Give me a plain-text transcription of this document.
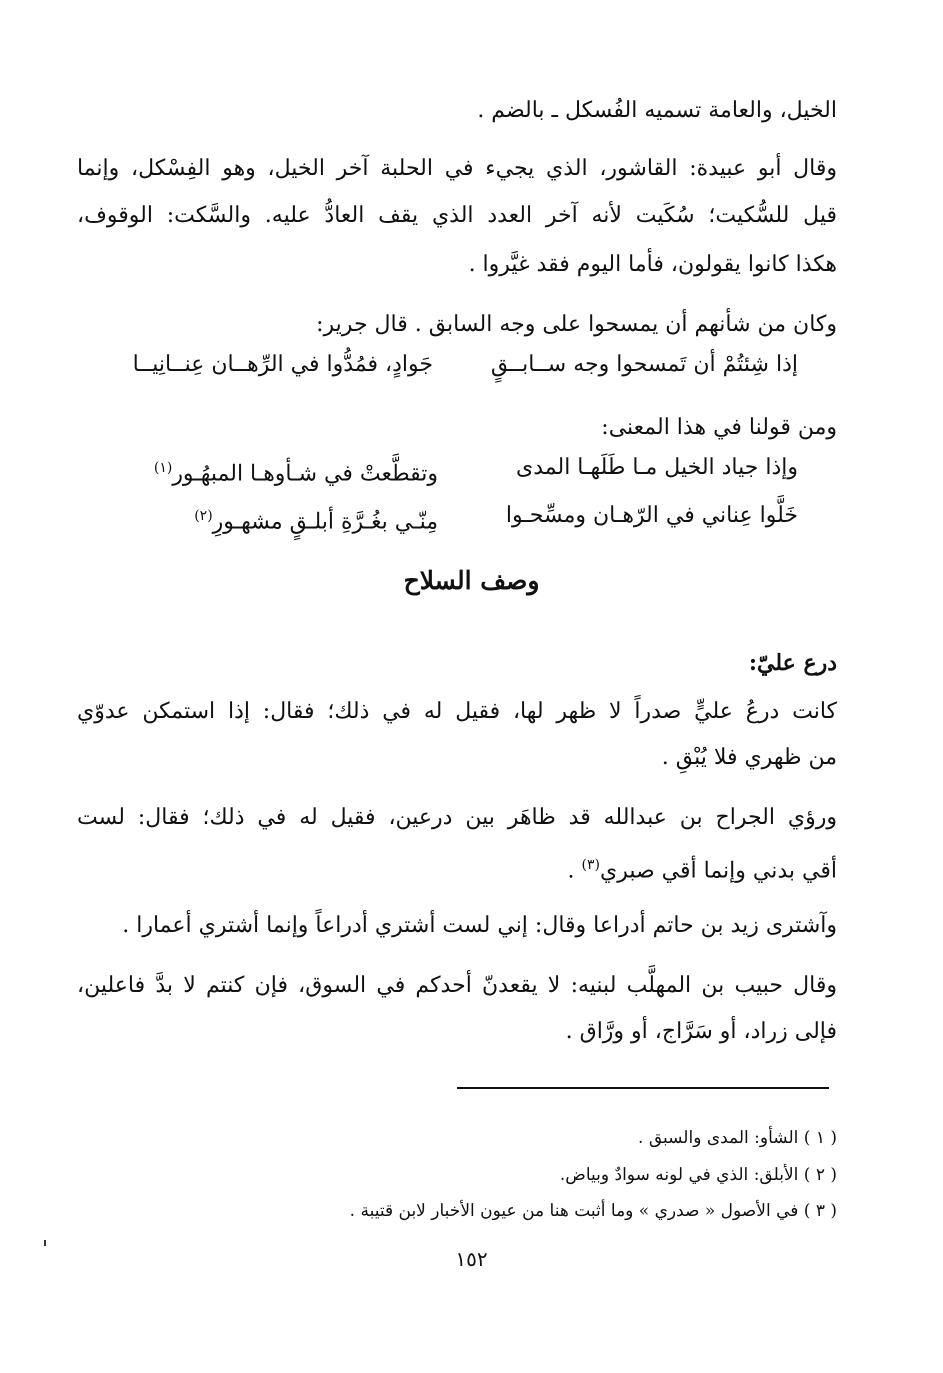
الخيل، والعامة تسميه الفُسكل ـ بالضم .

وقال أبو عبيدة: القاشور، الذي يجيء في الحلبة آخر الخيل، وهو الفِسْكل، وإنما

قيل للسُّكيت؛ سُكَيت لأنه آخر العدد الذي يقف العادُّ عليه. والسَّكت: الوقوف،

هكذا كانوا يقولون، فأما اليوم فقد غيَّروا .

وكان من شأنهم أن يمسحوا على وجه السابق . قال جرير:

إذا شِئتُمْ أن تَمسحوا وجه ســابــقٍ
جَوادٍ، فمُدُّوا في الرِّهــان عِنــانِيــا

ومن قولنا في هذا المعنى:

وإذا جياد الخيل مـا طَلَهـا المدى
وتقطَّعتْ في شـأوهـا المبهُـور$^{(١)}$
خَلَّوا عِناني في الرّهـان ومسِّحـوا
مِنّـي بغُـرَّةِ أبلـقٍ مشهـورِ$^{(٢)}$
وصف السلاح
درع عليّ:

كانت درعُ عليٍّ صدراً لا ظهر لها، فقيل له في ذلك؛ فقال: إذا استمكن عدوّي

من ظهري فلا يُبْقِ .

ورؤي الجراح بن عبدالله قد ظاهَر بين درعين، فقيل له في ذلك؛ فقال: لست

أقي بدني وإنما أقي صبري$^{(٣)}$ .

وآشترى زيد بن حاتم أدراعا وقال: إني لست أشتري أدراعاً وإنما أشتري أعمارا .

وقال حبيب بن المهلَّب لبنيه: لا يقعدنّ أحدكم في السوق، فإن كنتم لا بدَّ فاعلين،

فإلى زراد، أو سَرَّاج، أو ورَّاق .

( ١ ) الشأو: المدى والسبق .
( ٢ ) الأبلق: الذي في لونه سوادٌ وبياض.
( ٣ ) في الأصول « صدري » وما أثبت هنا من عيون الأخبار لابن قتيبة .
١٥٢
